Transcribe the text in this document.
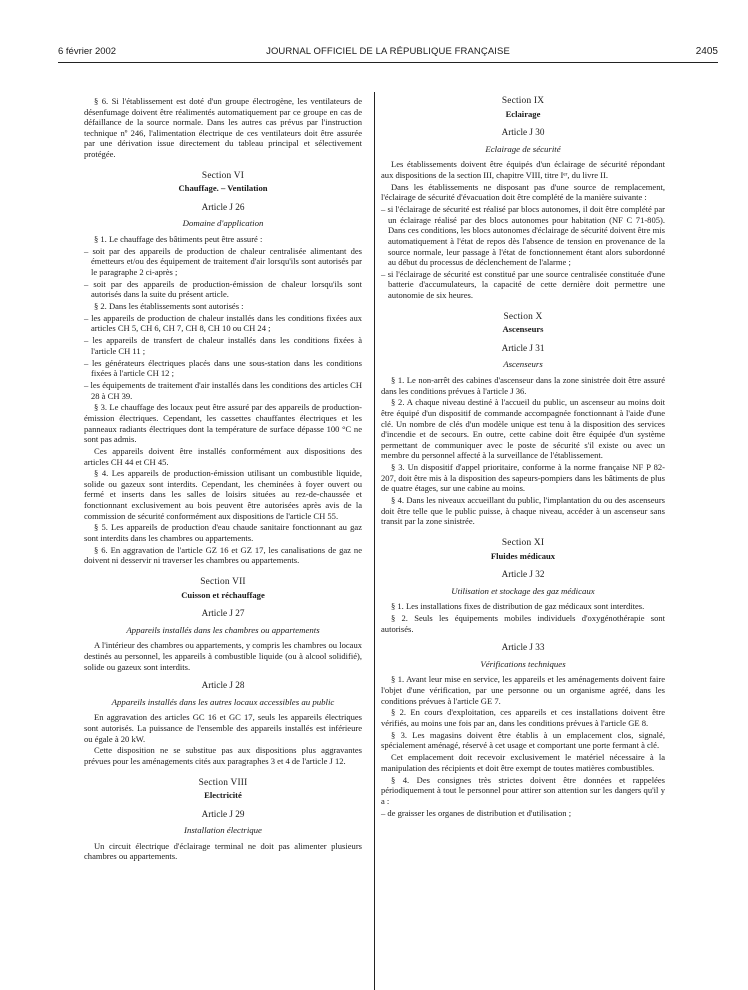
6 février 2002	JOURNAL OFFICIEL DE LA RÉPUBLIQUE FRANÇAISE	2405

§ 6. Si l'établissement est doté d'un groupe électrogène, les ventilateurs de désenfumage doivent être réalimentés automatiquement par ce groupe en cas de défaillance de la source normale. Dans les autres cas prévus par l'instruction technique nº 246, l'alimentation électrique de ces ventilateurs doit être assurée par une dérivation issue directement du tableau principal et sélectivement protégée.

Section VI
Chauffage. – Ventilation
Article J 26
Domaine d'application

§ 1. Le chauffage des bâtiments peut être assuré :

– soit par des appareils de production de chaleur centralisée alimentant des émetteurs et/ou des équipement de traitement d'air lorsqu'ils sont autorisés par le paragraphe 2 ci-après ;

– soit par des appareils de production-émission de chaleur lorsqu'ils sont autorisés dans la suite du présent article.

§ 2. Dans les établissements sont autorisés :

– les appareils de production de chaleur installés dans les conditions fixées aux articles CH 5, CH 6, CH 7, CH 8, CH 10 ou CH 24 ;

– les appareils de transfert de chaleur installés dans les conditions fixées à l'article CH 11 ;

– les générateurs électriques placés dans une sous-station dans les conditions fixées à l'article CH 12 ;

– les équipements de traitement d'air installés dans les conditions des articles CH 28 à CH 39.

§ 3. Le chauffage des locaux peut être assuré par des appareils de production-émission électriques. Cependant, les cassettes chauffantes électriques et les panneaux radiants électriques dont la température de surface dépasse 100 °C ne sont pas admis.

Ces appareils doivent être installés conformément aux dispositions des articles CH 44 et CH 45.

§ 4. Les appareils de production-émission utilisant un combustible liquide, solide ou gazeux sont interdits. Cependant, les cheminées à foyer ouvert ou fermé et inserts dans les salles de loisirs situées au rez-de-chaussée et fonctionnant exclusivement au bois peuvent être autorisées après avis de la commission de sécurité conformément aux dispositions de l'article CH 55.

§ 5. Les appareils de production d'eau chaude sanitaire fonctionnant au gaz sont interdits dans les chambres ou appartements.

§ 6. En aggravation de l'article GZ 16 et GZ 17, les canalisations de gaz ne doivent ni desservir ni traverser les chambres ou appartements.

Section VII
Cuisson et réchauffage
Article J 27
Appareils installés dans les chambres ou appartements

A l'intérieur des chambres ou appartements, y compris les chambres ou locaux destinés au personnel, les appareils à combustible liquide (ou à alcool solidifié), solide ou gazeux sont interdits.

Article J 28
Appareils installés dans les autres locaux accessibles au public

En aggravation des articles GC 16 et GC 17, seuls les appareils électriques sont autorisés. La puissance de l'ensemble des appareils installés est inférieure ou égale à 20 kW.

Cette disposition ne se substitue pas aux dispositions plus aggravantes prévues pour les aménagements cités aux paragraphes 3 et 4 de l'article J 12.

Section VIII
Electricité
Article J 29
Installation électrique

Un circuit électrique d'éclairage terminal ne doit pas alimenter plusieurs chambres ou appartements.

Section IX
Eclairage
Article J 30
Eclairage de sécurité

Les établissements doivent être équipés d'un éclairage de sécurité répondant aux dispositions de la section III, chapitre VIII, titre Iᵉʳ, du livre II.

Dans les établissements ne disposant pas d'une source de remplacement, l'éclairage de sécurité d'évacuation doit être complété de la manière suivante :

– si l'éclairage de sécurité est réalisé par blocs autonomes, il doit être complété par un éclairage réalisé par des blocs autonomes pour habitation (NF C 71-805). Dans ces conditions, les blocs autonomes d'éclairage de sécurité doivent être mis automatiquement à l'état de repos dès l'absence de tension en provenance de la source normale, leur passage à l'état de fonctionnement étant alors subordonné au début du processus de déclenchement de l'alarme ;

– si l'éclairage de sécurité est constitué par une source centralisée constituée d'une batterie d'accumulateurs, la capacité de cette dernière doit permettre une autonomie de six heures.

Section X
Ascenseurs
Article J 31
Ascenseurs

§ 1. Le non-arrêt des cabines d'ascenseur dans la zone sinistrée doit être assuré dans les conditions prévues à l'article J 36.

§ 2. A chaque niveau destiné à l'accueil du public, un ascenseur au moins doit être équipé d'un dispositif de commande accompagnée fonctionnant à l'aide d'une clé. Un nombre de clés d'un modèle unique est tenu à la disposition des services d'incendie et de secours. En outre, cette cabine doit être équipée d'un système permettant de communiquer avec le poste de sécurité s'il existe ou avec un membre du personnel affecté à la surveillance de l'établissement.

§ 3. Un dispositif d'appel prioritaire, conforme à la norme française NF P 82-207, doit être mis à la disposition des sapeurs-pompiers dans les bâtiments de plus de quatre étages, sur une cabine au moins.

§ 4. Dans les niveaux accueillant du public, l'implantation du ou des ascenseurs doit être telle que le public puisse, à chaque niveau, accéder à un ascenseur sans transit par la zone sinistrée.

Section XI
Fluides médicaux
Article J 32
Utilisation et stockage des gaz médicaux

§ 1. Les installations fixes de distribution de gaz médicaux sont interdites.

§ 2. Seuls les équipements mobiles individuels d'oxygénothérapie sont autorisés.

Article J 33
Vérifications techniques

§ 1. Avant leur mise en service, les appareils et les aménagements doivent faire l'objet d'une vérification, par une personne ou un organisme agréé, dans les conditions prévues à l'article GE 7.

§ 2. En cours d'exploitation, ces appareils et ces installations doivent être vérifiés, au moins une fois par an, dans les conditions prévues à l'article GE 8.

§ 3. Les magasins doivent être établis à un emplacement clos, signalé, spécialement aménagé, réservé à cet usage et comportant une porte fermant à clé.

Cet emplacement doit recevoir exclusivement le matériel nécessaire à la manipulation des récipients et doit être exempt de toutes matières combustibles.

§ 4. Des consignes très strictes doivent être données et rappelées périodiquement à tout le personnel pour attirer son attention sur les dangers qu'il y a :

– de graisser les organes de distribution et d'utilisation ;
